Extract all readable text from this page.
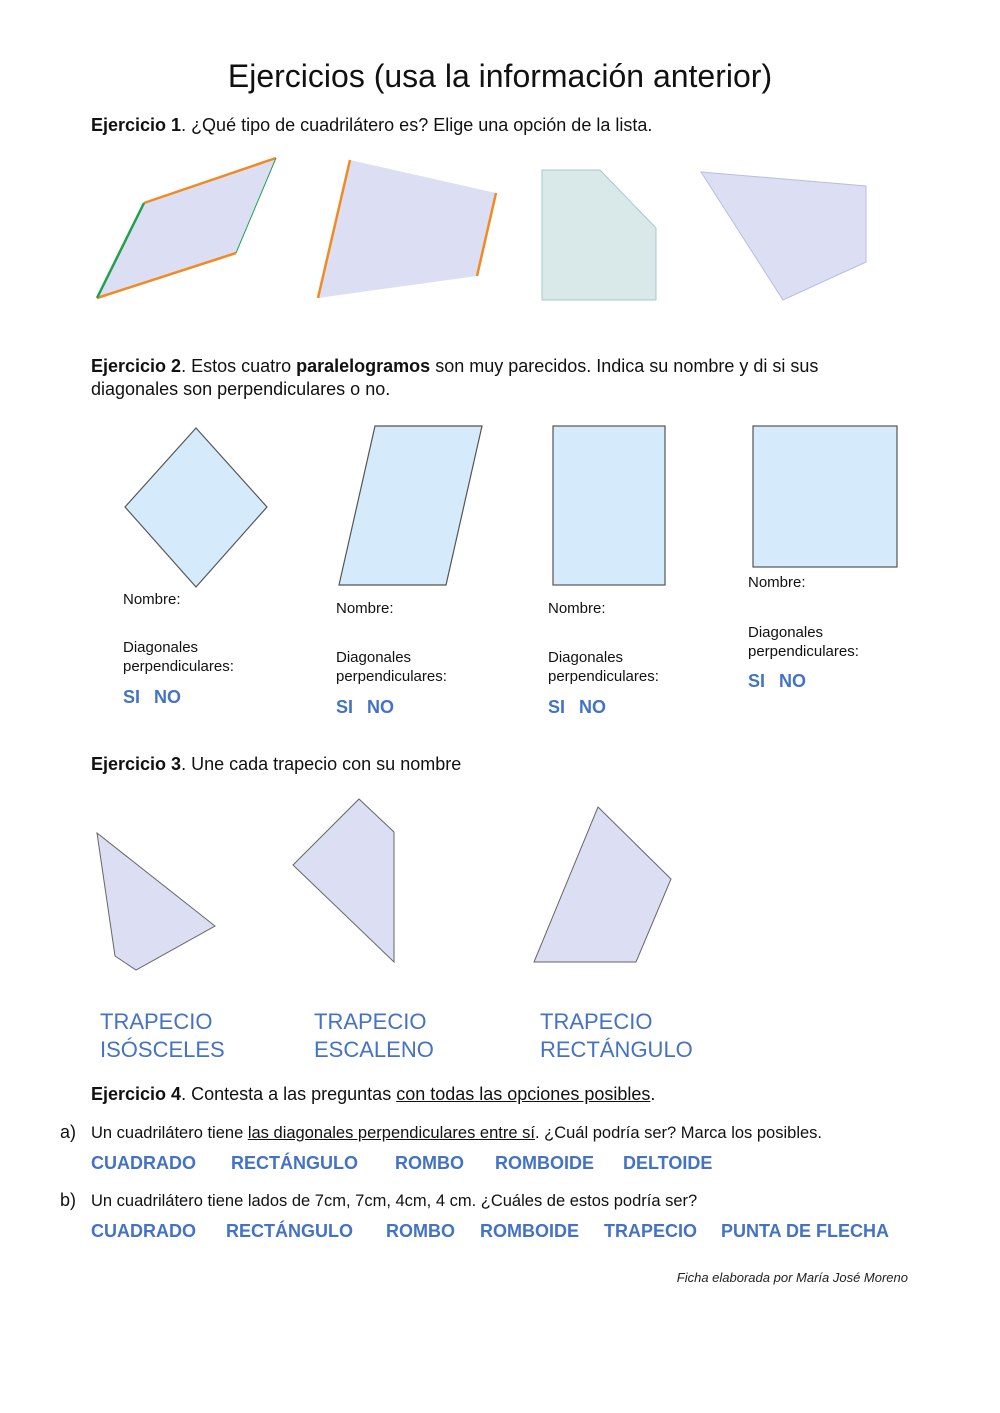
Ejercicios (usa la información anterior)
Ejercicio 1. ¿Qué tipo de cuadrilátero es? Elige una opción de la lista.
Ejercicio 2. Estos cuatro paralelogramos son muy parecidos. Indica su nombre y di si sus
diagonales son perpendiculares o no.
Nombre:
Diagonales
perpendiculares:
SI NO
Nombre:
Diagonales
perpendiculares:
SI NO
Nombre:
Diagonales
perpendiculares:
SI NO
Nombre:
Diagonales
perpendiculares:
SI NO
Ejercicio 3. Une cada trapecio con su nombre
TRAPECIO
ISÓSCELES
TRAPECIO
ESCALENO
TRAPECIO
RECTÁNGULO
Ejercicio 4. Contesta a las preguntas con todas las opciones posibles.
a) Un cuadrilátero tiene las diagonales perpendiculares entre sí. ¿Cuál podría ser? Marca los posibles.
CUADRADO RECTÁNGULO ROMBO ROMBOIDE DELTOIDE
b) Un cuadrilátero tiene lados de 7cm, 7cm, 4cm, 4 cm. ¿Cuáles de estos podría ser?
CUADRADO RECTÁNGULO ROMBO ROMBOIDE TRAPECIO PUNTA DE FLECHA
Ficha elaborada por María José Moreno
